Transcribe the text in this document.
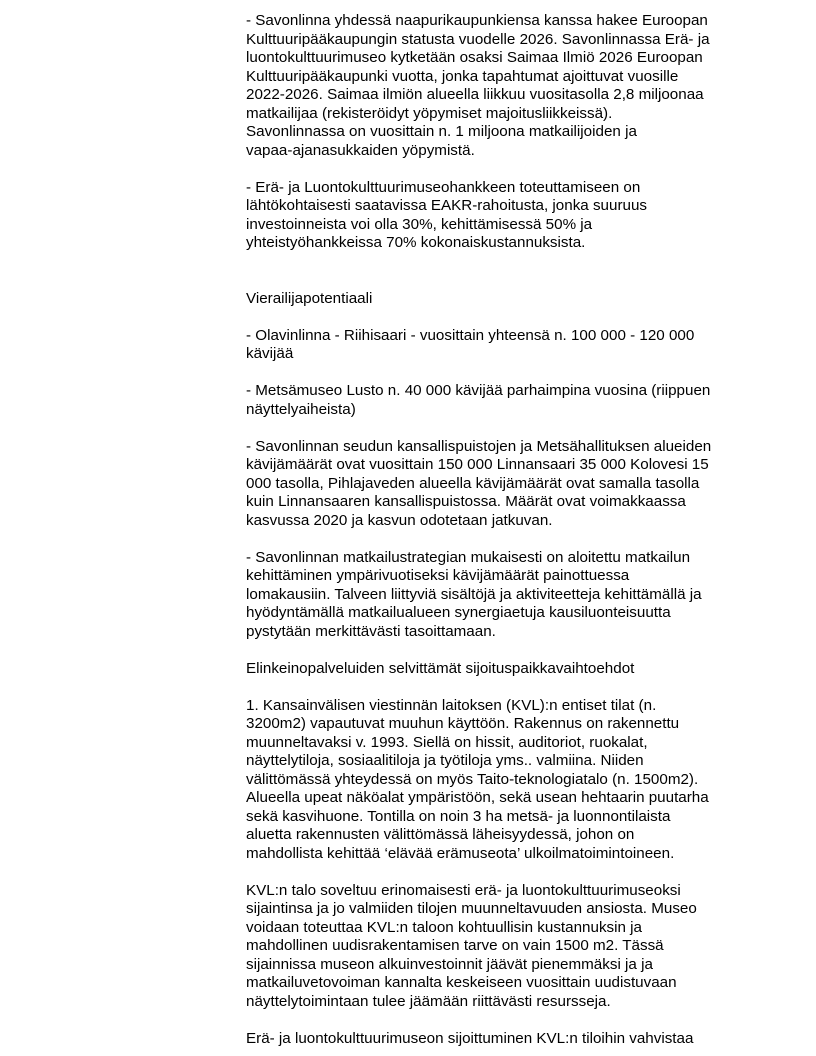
- Savonlinna yhdessä naapurikaupunkiensa kanssa hakee Euroopan
Kulttuuripääkaupungin statusta vuodelle 2026. Savonlinnassa Erä- ja
luontokulttuurimuseo kytketään osaksi Saimaa Ilmiö 2026 Euroopan
Kulttuuripääkaupunki vuotta, jonka tapahtumat ajoittuvat vuosille
2022-2026. Saimaa ilmiön alueella liikkuu vuositasolla 2,8 miljoonaa
matkailijaa (rekisteröidyt yöpymiset majoitusliikkeissä).
Savonlinnassa on vuosittain n. 1 miljoona matkailijoiden ja
vapaa-ajanasukkaiden yöpymistä.

- Erä- ja Luontokulttuurimuseohankkeen toteuttamiseen on
lähtökohtaisesti saatavissa EAKR-rahoitusta, jonka suuruus
investoinneista voi olla 30%, kehittämisessä 50% ja
yhteistyöhankkeissa 70% kokonaiskustannuksista.

Vierailijapotentiaali

- Olavinlinna - Riihisaari - vuosittain yhteensä n. 100 000 - 120 000
kävijää

- Metsämuseo Lusto n. 40 000 kävijää parhaimpina vuosina (riippuen
näyttelyaiheista)

- Savonlinnan seudun kansallispuistojen ja Metsähallituksen alueiden
kävijämäärät ovat vuosittain 150 000 Linnansaari 35 000 Kolovesi 15
000 tasolla, Pihlajaveden alueella kävijämäärät ovat samalla tasolla
kuin Linnansaaren kansallispuistossa. Määrät ovat voimakkaassa
kasvussa 2020 ja kasvun odotetaan jatkuvan.

- Savonlinnan matkailustrategian mukaisesti on aloitettu matkailun
kehittäminen ympärivuotiseksi kävijämäärät painottuessa
lomakausiin. Talveen liittyviä sisältöjä ja aktiviteetteja kehittämällä ja
hyödyntämällä matkailualueen synergiaetuja kausiluonteisuutta
pystytään merkittävästi tasoittamaan.

Elinkeinopalveluiden selvittämät sijoituspaikkavaihtoehdot

1. Kansainvälisen viestinnän laitoksen (KVL):n entiset tilat (n.
3200m2) vapautuvat muuhun käyttöön. Rakennus on rakennettu
muunneltavaksi v. 1993. Siellä on hissit, auditoriot, ruokalat,
näyttelytiloja, sosiaalitiloja ja työtiloja yms.. valmiina. Niiden
välittömässä yhteydessä on myös Taito-teknologiatalo (n. 1500m2).
Alueella upeat näköalat ympäristöön, sekä usean hehtaarin puutarha
sekä kasvihuone. Tontilla on noin 3 ha metsä- ja luonnontilaista
aluetta rakennusten välittömässä läheisyydessä, johon on
mahdollista kehittää ‘elävää erämuseota’ ulkoilmatoimintoineen.

KVL:n talo soveltuu erinomaisesti erä- ja luontokulttuurimuseoksi
sijaintinsa ja jo valmiiden tilojen muunneltavuuden ansiosta. Museo
voidaan toteuttaa KVL:n taloon kohtuullisin kustannuksin ja
mahdollinen uudisrakentamisen tarve on vain 1500 m2. Tässä
sijainnissa museon alkuinvestoinnit jäävät pienemmäksi ja ja
matkailuvetovoiman kannalta keskeiseen vuosittain uudistuvaan
näyttelytoimintaan tulee jäämään riittävästi resursseja.

Erä- ja luontokulttuurimuseon sijoittuminen KVL:n tiloihin vahvistaa
